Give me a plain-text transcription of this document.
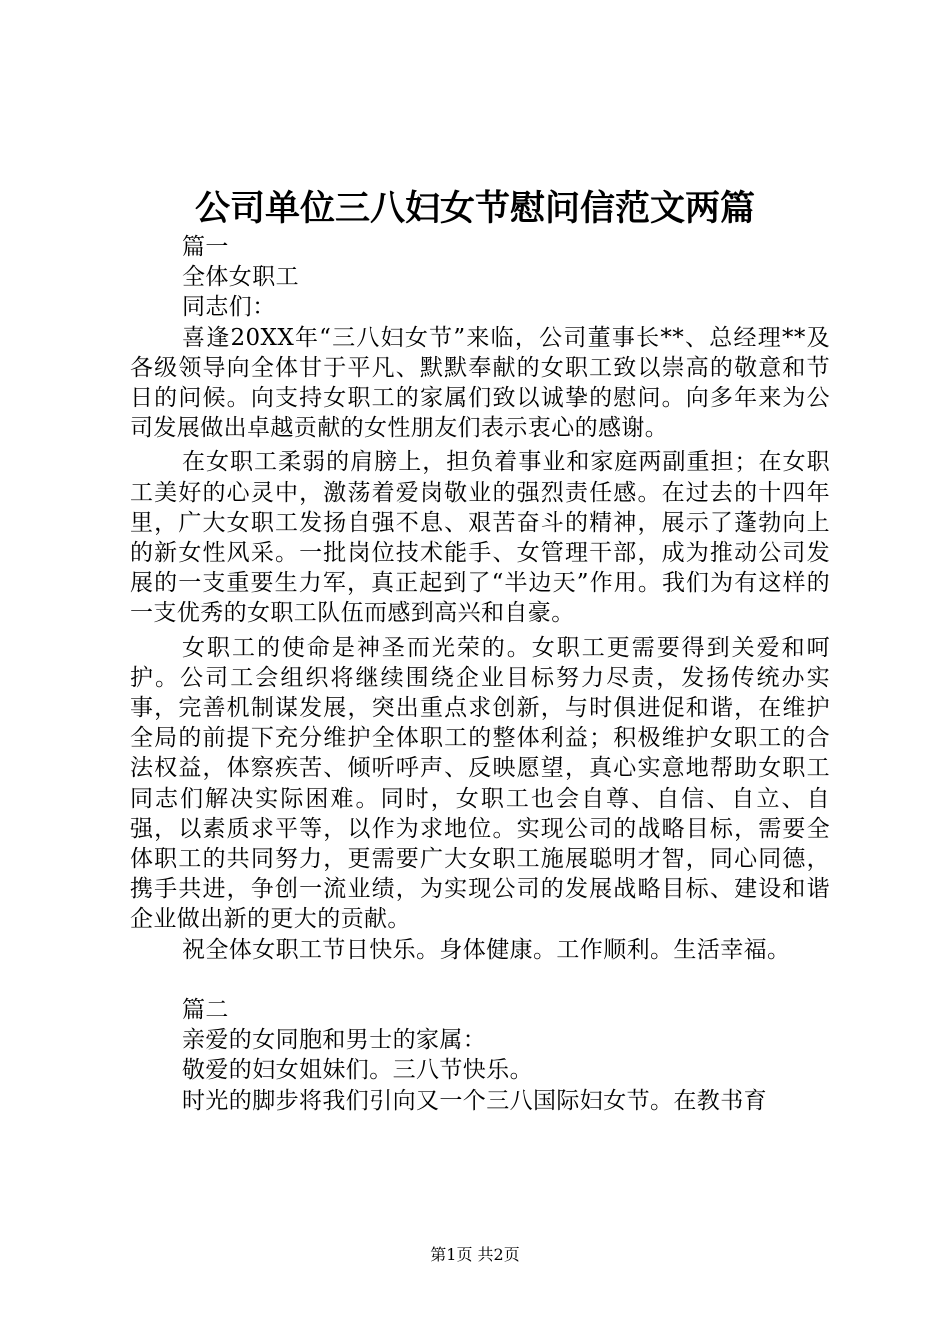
公司单位三八妇女节慰问信范文两篇
篇一
全体女职工
同志们：
喜逢20XX年“三八妇女节”来临，公司董事长**、总经理**及各级领导向全体甘于平凡、默默奉献的女职工致以崇高的敬意和节日的问候。向支持女职工的家属们致以诚挚的慰问。向多年来为公司发展做出卓越贡献的女性朋友们表示衷心的感谢。
在女职工柔弱的肩膀上，担负着事业和家庭两副重担；在女职工美好的心灵中，激荡着爱岗敬业的强烈责任感。在过去的十四年里，广大女职工发扬自强不息、艰苦奋斗的精神，展示了蓬勃向上的新女性风采。一批岗位技术能手、女管理干部，成为推动公司发展的一支重要生力军，真正起到了“半边天”作用。我们为有这样的一支优秀的女职工队伍而感到高兴和自豪。
女职工的使命是神圣而光荣的。女职工更需要得到关爱和呵护。公司工会组织将继续围绕企业目标努力尽责，发扬传统办实事，完善机制谋发展，突出重点求创新，与时俱进促和谐，在维护全局的前提下充分维护全体职工的整体利益；积极维护女职工的合法权益，体察疾苦、倾听呼声、反映愿望，真心实意地帮助女职工同志们解决实际困难。同时，女职工也会自尊、自信、自立、自强，以素质求平等，以作为求地位。实现公司的战略目标，需要全体职工的共同努力，更需要广大女职工施展聪明才智，同心同德，携手共进，争创一流业绩，为实现公司的发展战略目标、建设和谐企业做出新的更大的贡献。
祝全体女职工节日快乐。身体健康。工作顺利。生活幸福。
篇二
亲爱的女同胞和男士的家属：
敬爱的妇女姐妹们。三八节快乐。
时光的脚步将我们引向又一个三八国际妇女节。在教书育
第1页 共2页
